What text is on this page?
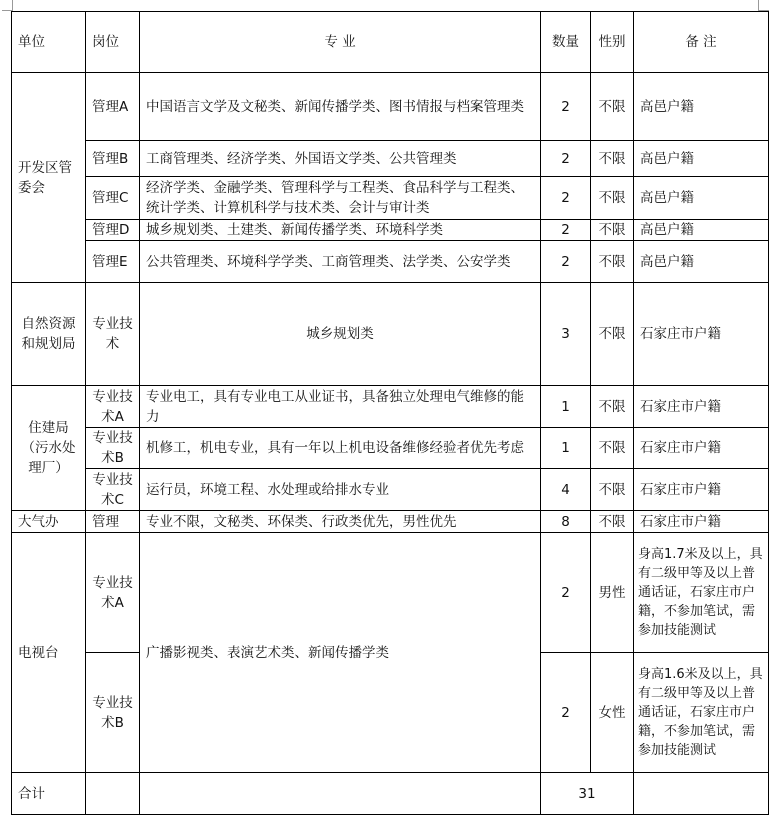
单位	岗位	专 业	数量	性别	备 注
开发区管委会	管理A	中国语言文学及文秘类、新闻传播学类、图书情报与档案管理类	2	不限	高邑户籍
	管理B	工商管理类、经济学类、外国语文学类、公共管理类	2	不限	高邑户籍
	管理C	经济学类、金融学类、管理科学与工程类、食品科学与工程类、统计学类、计算机科学与技术类、会计与审计类	2	不限	高邑户籍
	管理D	城乡规划类、土建类、新闻传播学类、环境科学类	2	不限	高邑户籍
	管理E	公共管理类、环境科学学类、工商管理类、法学类、公安学类	2	不限	高邑户籍
自然资源和规划局	专业技术	城乡规划类	3	不限	石家庄市户籍
住建局（污水处理厂）	专业技术A	专业电工，具有专业电工从业证书，具备独立处理电气维修的能力	1	不限	石家庄市户籍
	专业技术B	机修工，机电专业，具有一年以上机电设备维修经验者优先考虑	1	不限	石家庄市户籍
	专业技术C	运行员，环境工程、水处理或给排水专业	4	不限	石家庄市户籍
大气办	管理	专业不限，文秘类、环保类、行政类优先，男性优先	8	不限	石家庄市户籍
电视台	专业技术A	广播影视类、表演艺术类、新闻传播学类	2	男性	身高1.7米及以上，具有二级甲等及以上普通话证，石家庄市户籍，不参加笔试，需参加技能测试
	专业技术B		2	女性	身高1.6米及以上，具有二级甲等及以上普通话证，石家庄市户籍，不参加笔试，需参加技能测试
合计			31		
